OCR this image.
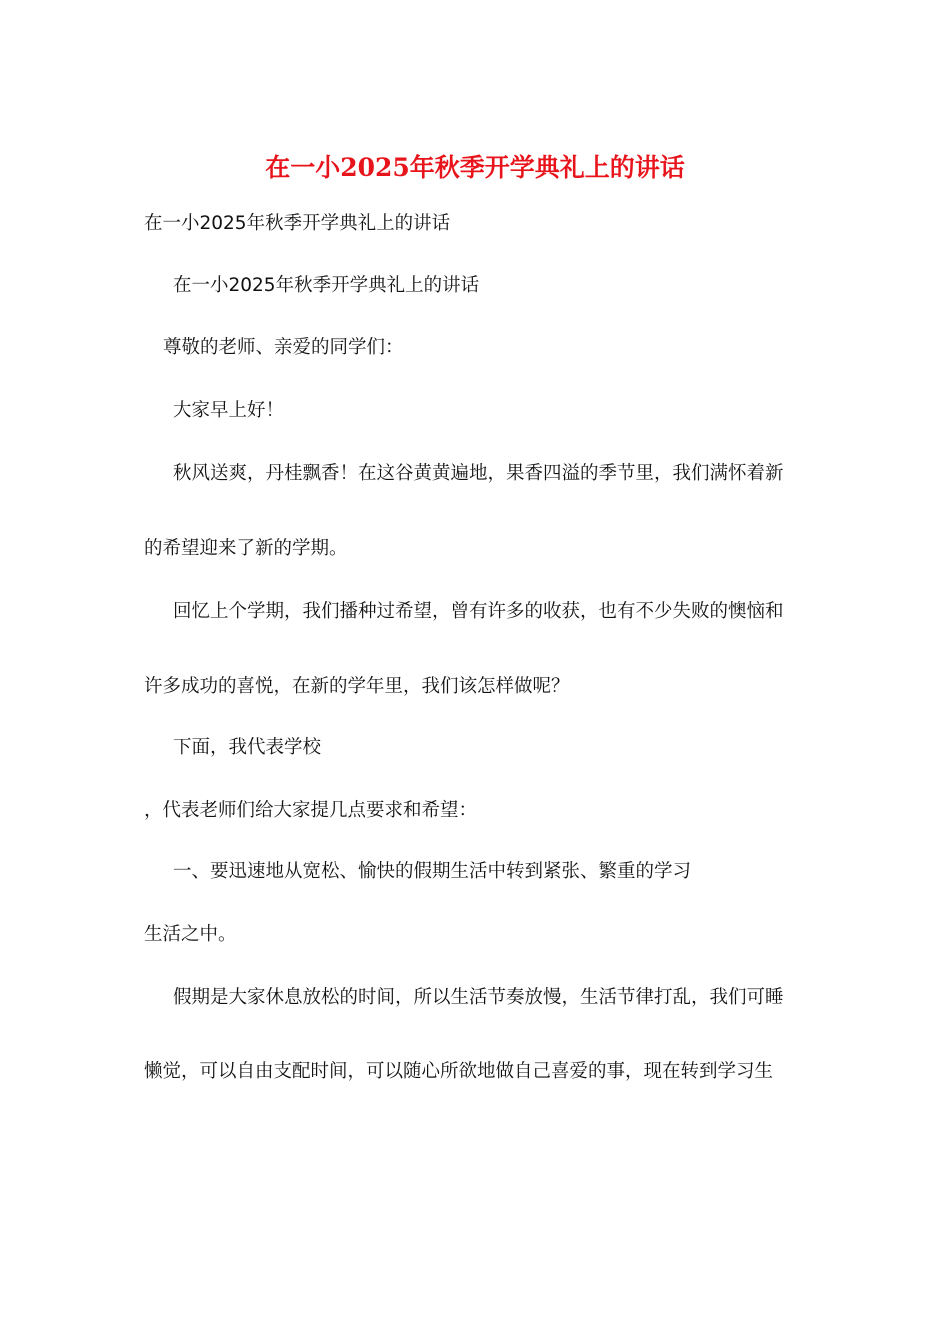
在一小2025年秋季开学典礼上的讲话
在一小2025年秋季开学典礼上的讲话
在一小2025年秋季开学典礼上的讲话
尊敬的老师、亲爱的同学们：
大家早上好！
秋风送爽，丹桂飘香！在这谷黄黄遍地，果香四溢的季节里，我们满怀着新
的希望迎来了新的学期。
回忆上个学期，我们播种过希望，曾有许多的收获，也有不少失败的懊恼和
许多成功的喜悦，在新的学年里，我们该怎样做呢？
下面，我代表学校
，代表老师们给大家提几点要求和希望：
一、要迅速地从宽松、愉快的假期生活中转到紧张、繁重的学习
生活之中。
假期是大家休息放松的时间，所以生活节奏放慢，生活节律打乱，我们可睡
懒觉，可以自由支配时间，可以随心所欲地做自己喜爱的事，现在转到学习生
